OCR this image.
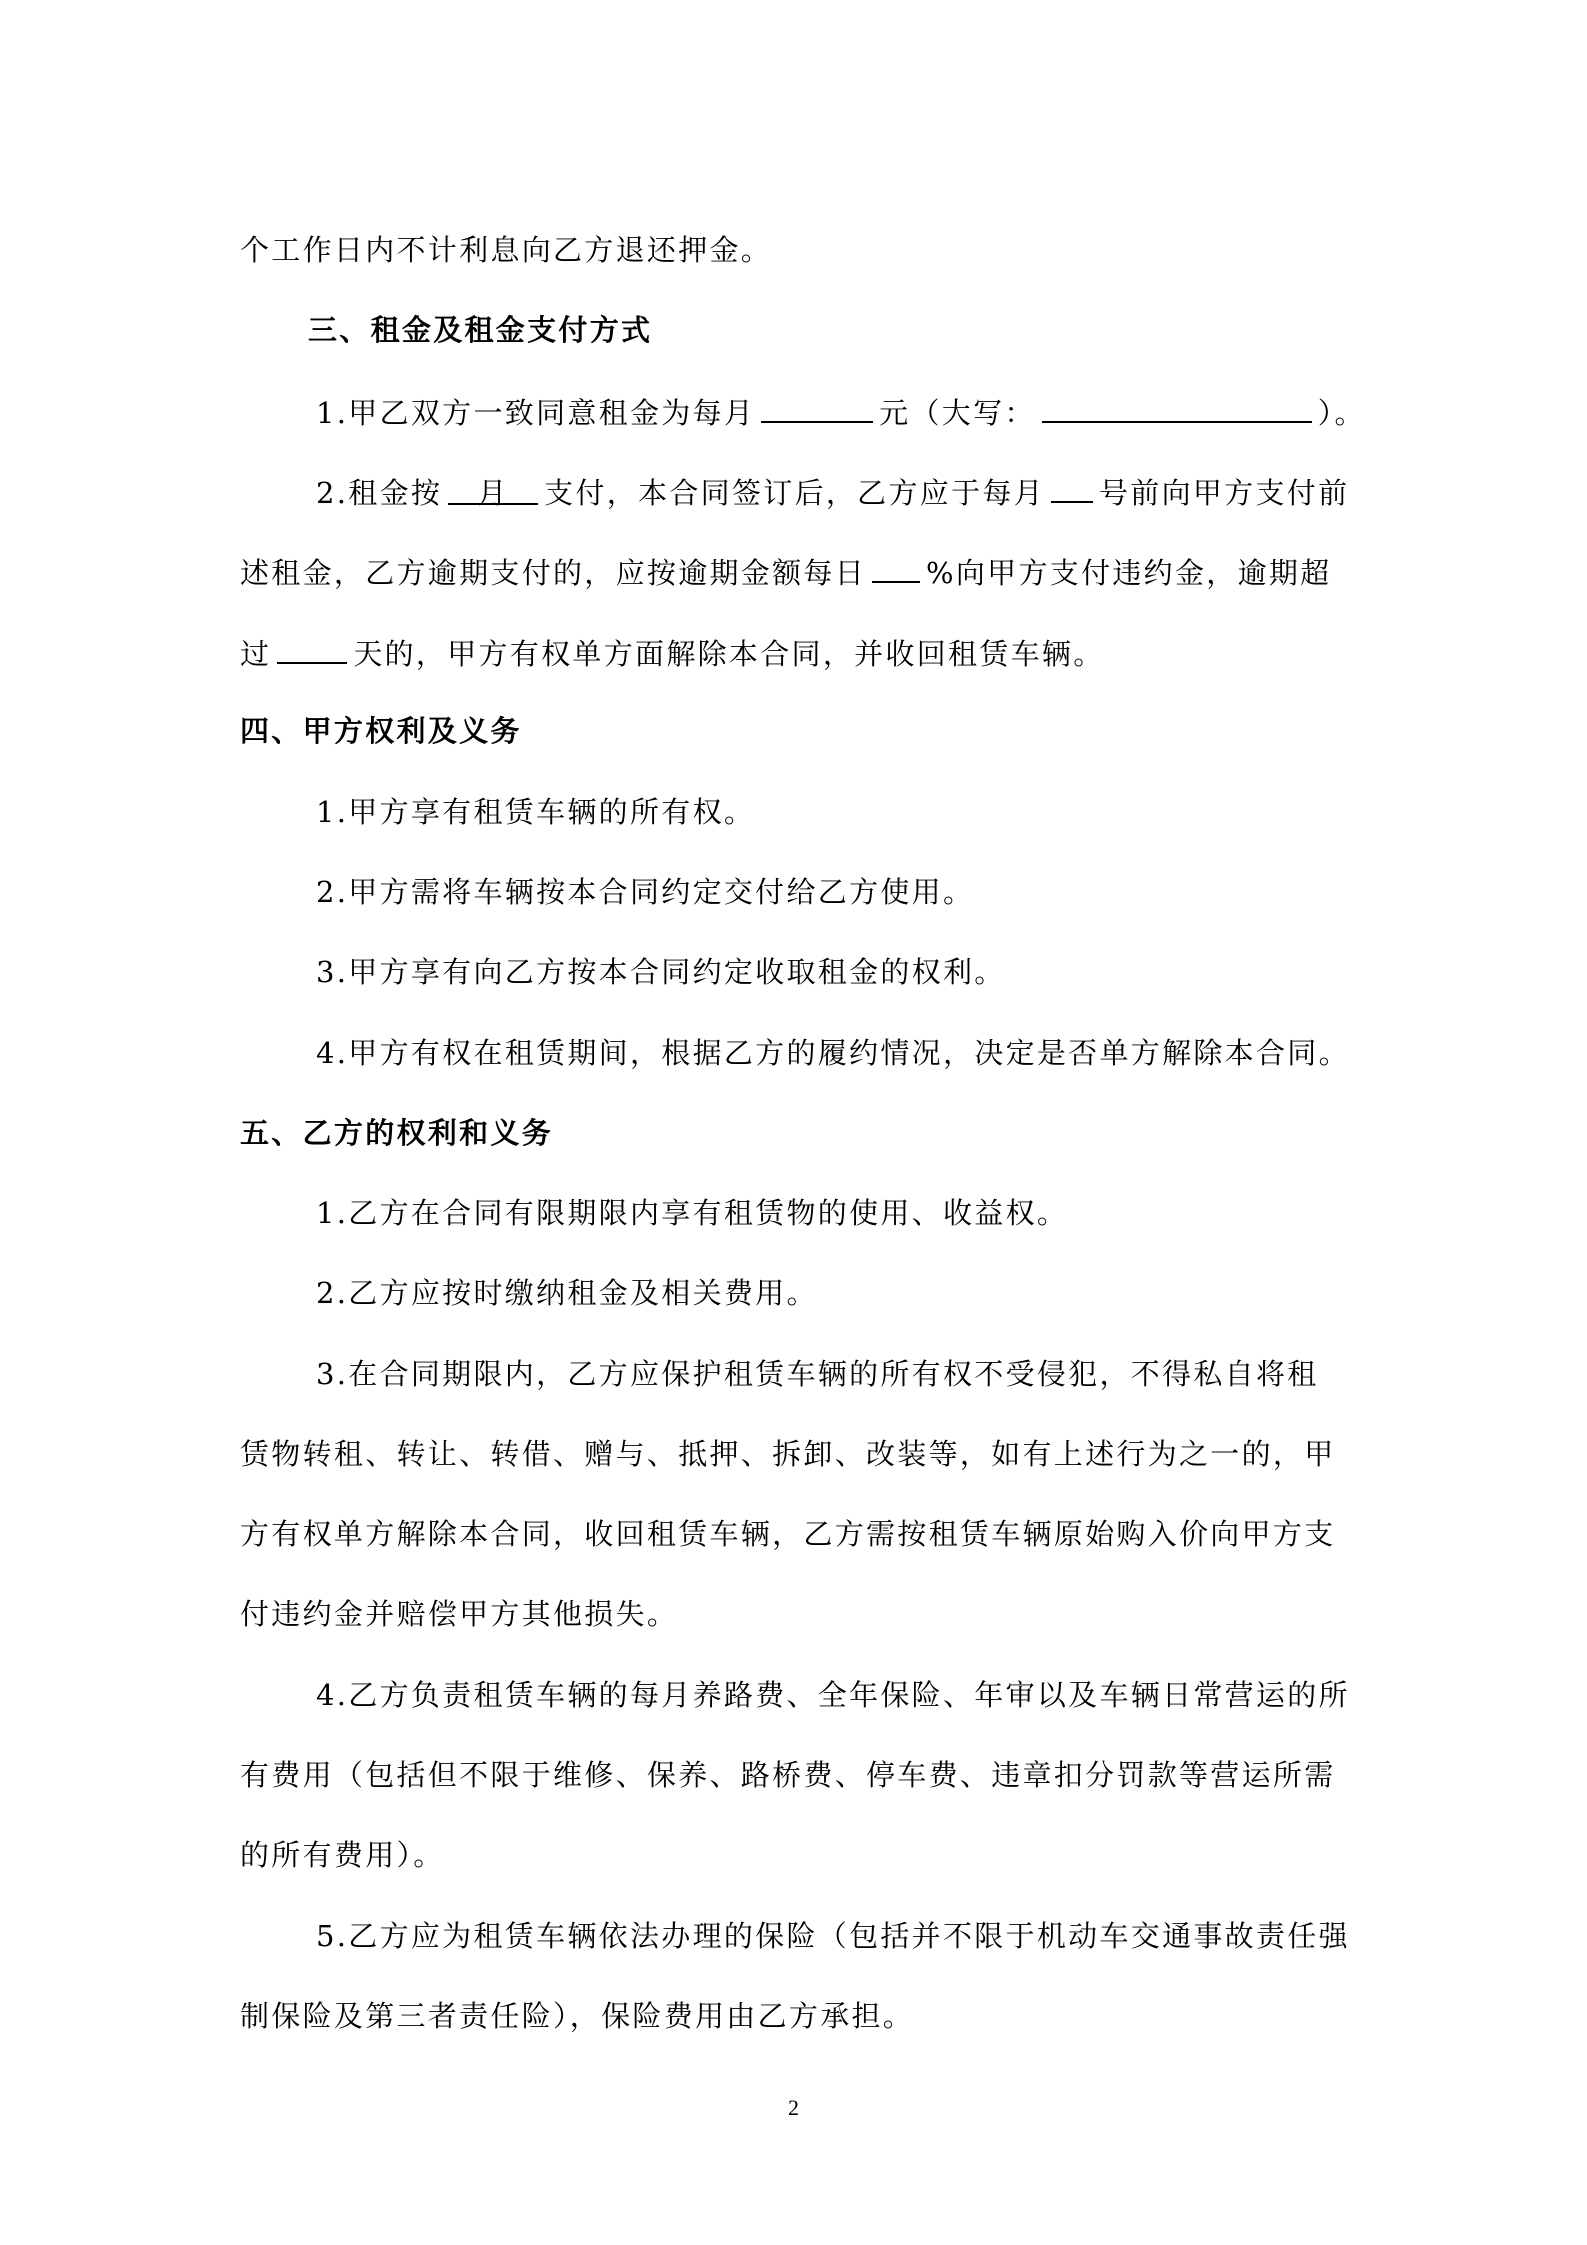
个工作日内不计利息向乙方退还押金。
三、租金及租金支付方式
1.甲乙双方一致同意租金为每月	元（大写：	）。
2.租金按 月 支付，本合同签订后，乙方应于每月 号前向甲方支付前
述租金，乙方逾期支付的，应按逾期金额每日 %向甲方支付违约金，逾期超
过	天的，甲方有权单方面解除本合同，并收回租赁车辆。
四、甲方权利及义务
1.甲方享有租赁车辆的所有权。
2.甲方需将车辆按本合同约定交付给乙方使用。
3.甲方享有向乙方按本合同约定收取租金的权利。
4.甲方有权在租赁期间，根据乙方的履约情况，决定是否单方解除本合同。
五、乙方的权利和义务
1.乙方在合同有限期限内享有租赁物的使用、收益权。
2.乙方应按时缴纳租金及相关费用。
3.在合同期限内，乙方应保护租赁车辆的所有权不受侵犯，不得私自将租
赁物转租、转让、转借、赠与、抵押、拆卸、改装等，如有上述行为之一的，甲
方有权单方解除本合同，收回租赁车辆，乙方需按租赁车辆原始购入价向甲方支
付违约金并赔偿甲方其他损失。
4.乙方负责租赁车辆的每月养路费、全年保险、年审以及车辆日常营运的所
有费用（包括但不限于维修、保养、路桥费、停车费、违章扣分罚款等营运所需
的所有费用）。
5.乙方应为租赁车辆依法办理的保险（包括并不限于机动车交通事故责任强
制保险及第三者责任险），保险费用由乙方承担。
2
